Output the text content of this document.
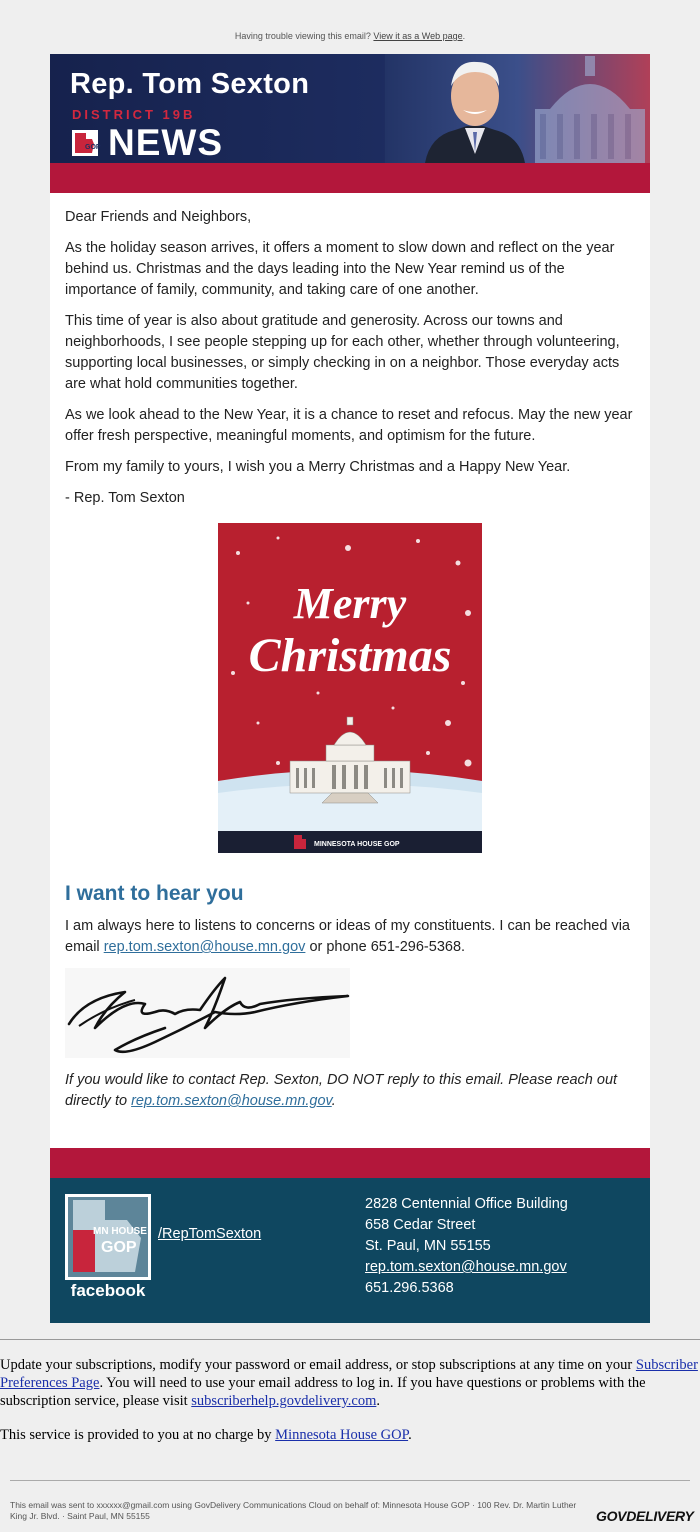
Having trouble viewing this email? View it as a Web page.
Rep. Tom Sexton
DISTRICT 19B
GOP NEWS

Dear Friends and Neighbors,

As the holiday season arrives, it offers a moment to slow down and reflect on the year behind us. Christmas and the days leading into the New Year remind us of the importance of family, community, and taking care of one another.

This time of year is also about gratitude and generosity. Across our towns and neighborhoods, I see people stepping up for each other, whether through volunteering, supporting local businesses, or simply checking in on a neighbor. Those everyday acts are what hold communities together.

As we look ahead to the New Year, it is a chance to reset and refocus. May the new year offer fresh perspective, meaningful moments, and optimism for the future.

From my family to yours, I wish you a Merry Christmas and a Happy New Year.

- Rep. Tom Sexton

Merry
Christmas
MINNESOTA HOUSE GOP
I want to hear you

I am always here to listens to concerns or ideas of my constituents. I can be reached via email rep.tom.sexton@house.mn.gov or phone 651-296-5368.

If you would like to contact Rep. Sexton, DO NOT reply to this email. Please reach out directly to rep.tom.sexton@house.mn.gov.

MN HOUSE
GOP
facebook
/RepTomSexton
2828 Centennial Office Building
658 Cedar Street
St. Paul, MN 55155
rep.tom.sexton@house.mn.gov
651.296.5368

Update your subscriptions, modify your password or email address, or stop subscriptions at any time on your Subscriber Preferences Page. You will need to use your email address to log in. If you have questions or problems with the subscription service, please visit subscriberhelp.govdelivery.com.

This service is provided to you at no charge by Minnesota House GOP.

This email was sent to xxxxxx@gmail.com using GovDelivery Communications Cloud on behalf of: Minnesota House GOP · 100 Rev. Dr. Martin Luther King Jr. Blvd. · Saint Paul, MN 55155	GOVDELIVERY
